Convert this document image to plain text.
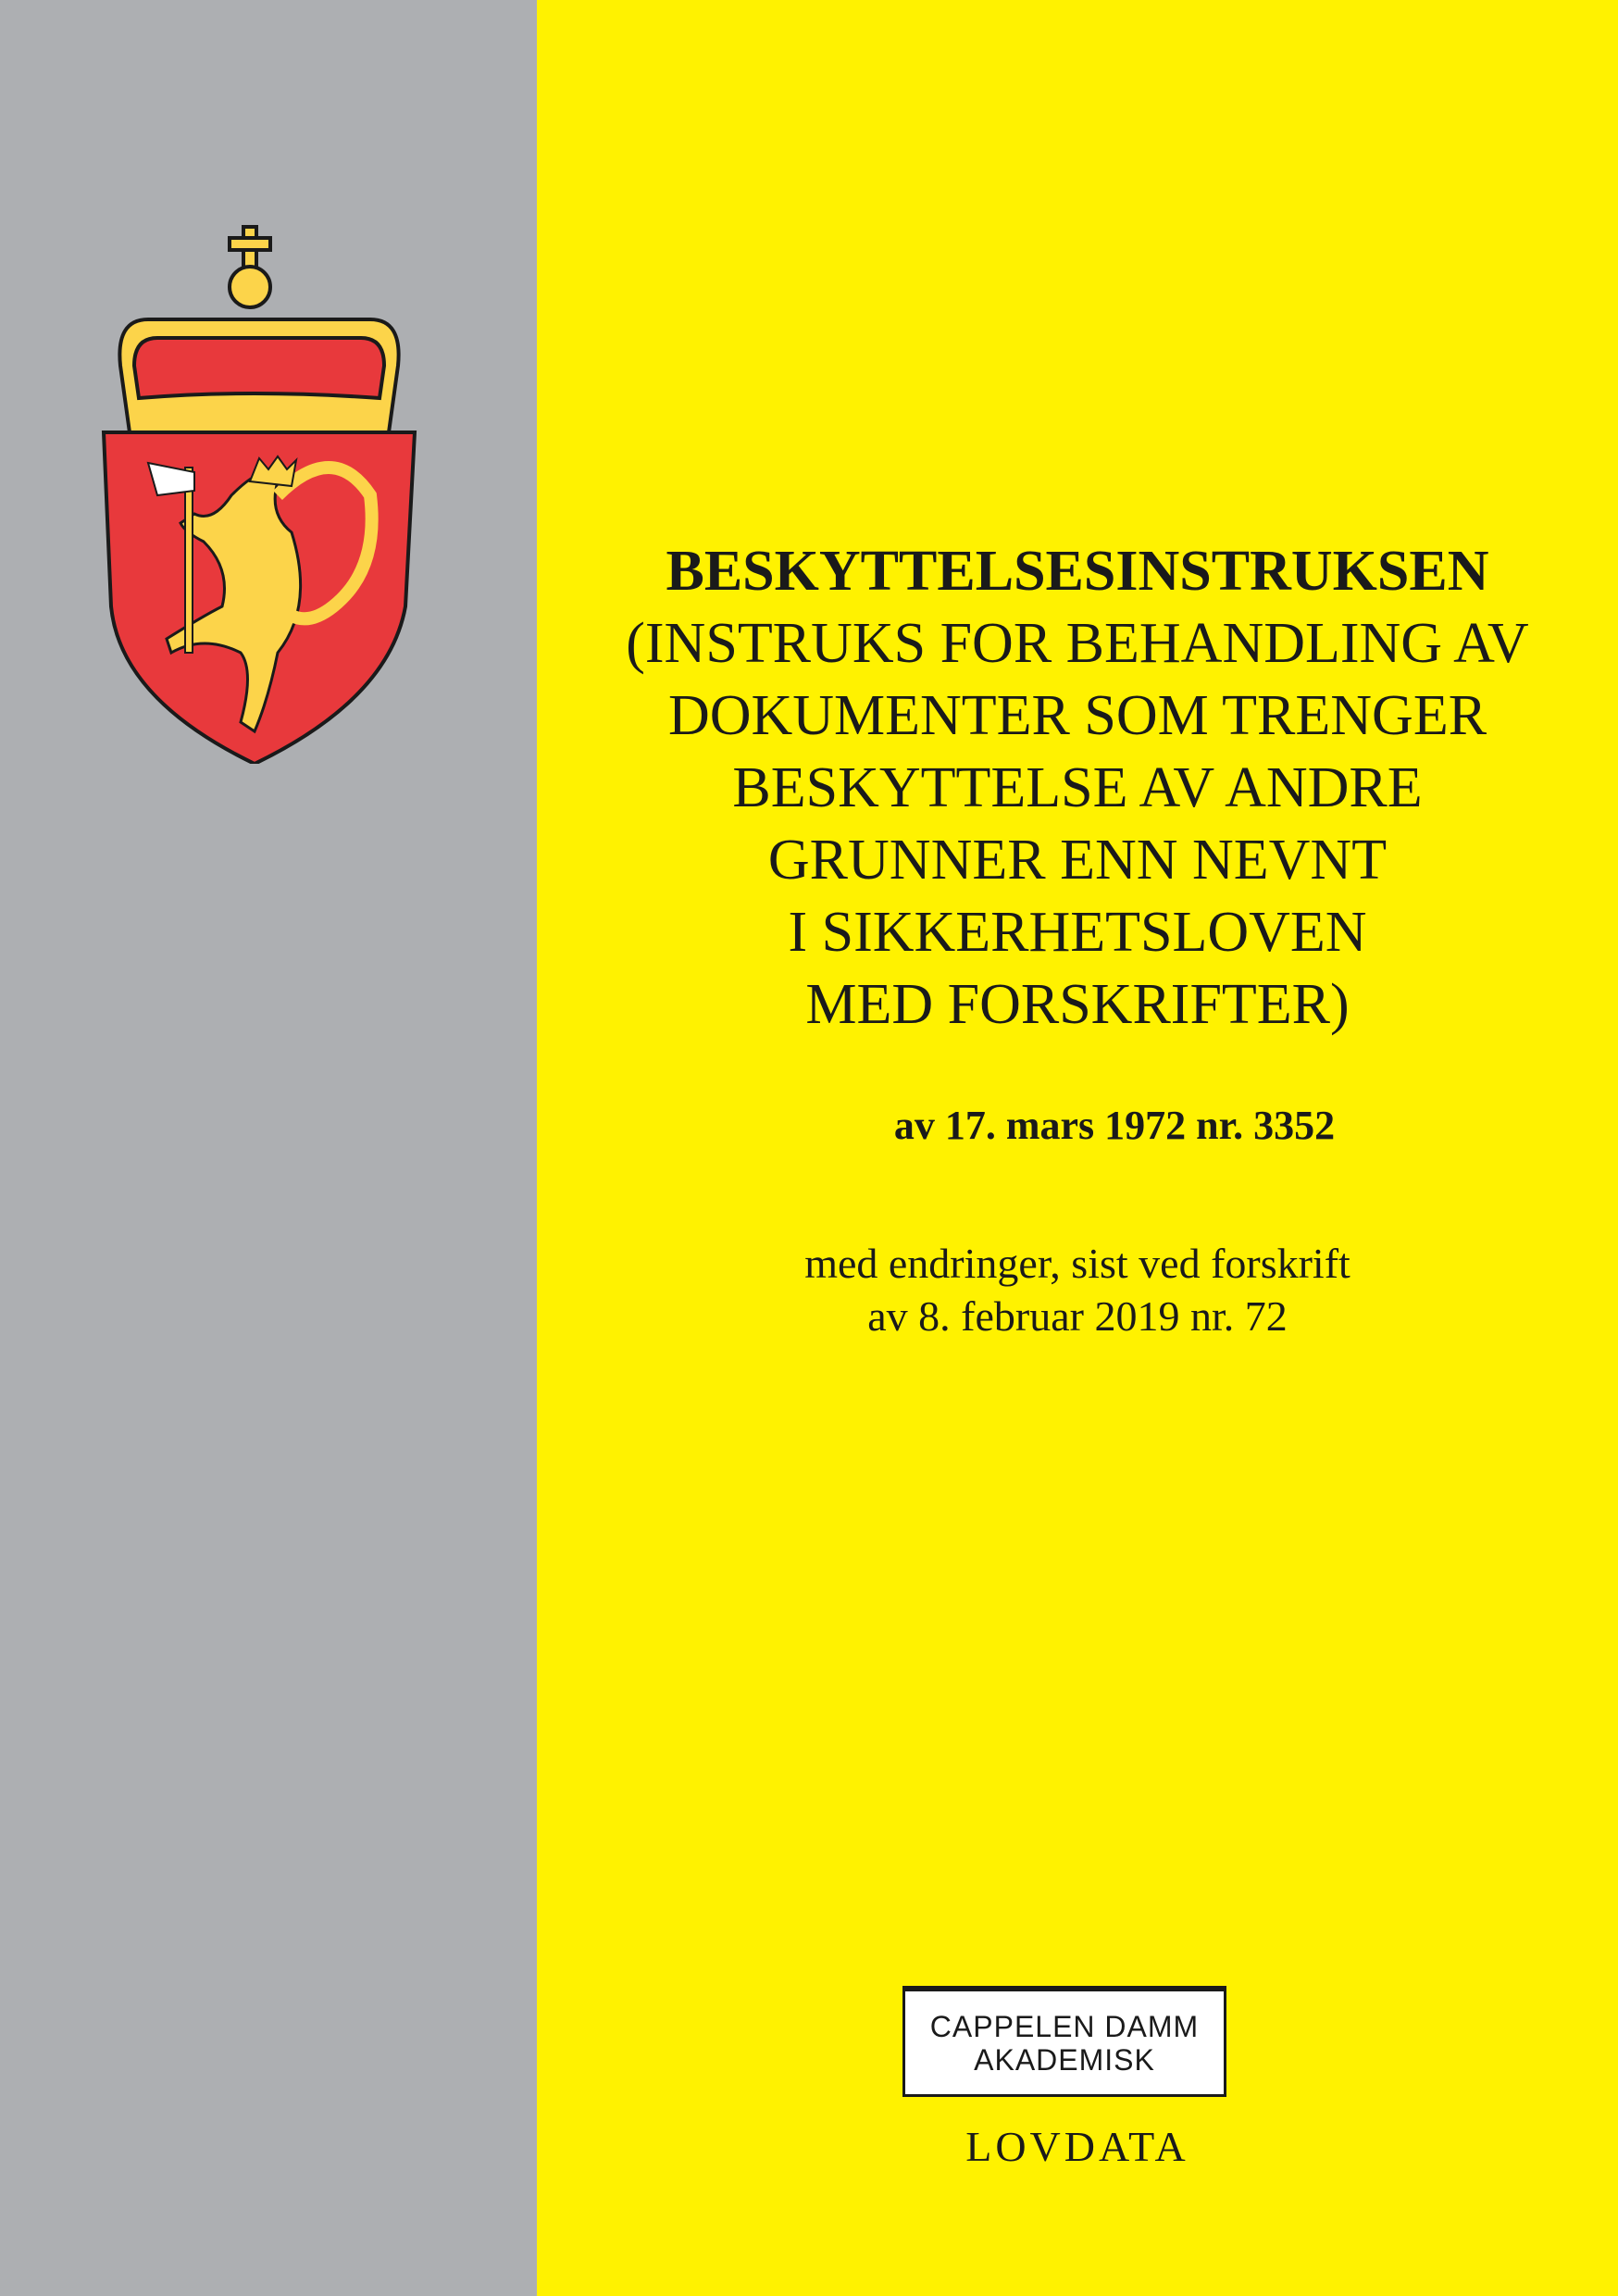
BESKYTTELSESINSTRUKSEN
(INSTRUKS FOR BEHANDLING AV
DOKUMENTER SOM TRENGER
BESKYTTELSE AV ANDRE
GRUNNER ENN NEVNT
I SIKKERHETSLOVEN
MED FORSKRIFTER)
av 17. mars 1972 nr. 3352
med endringer, sist ved forskrift
av 8. februar 2019 nr. 72
CAPPELEN DAMM
AKADEMISK
LOVDATA
